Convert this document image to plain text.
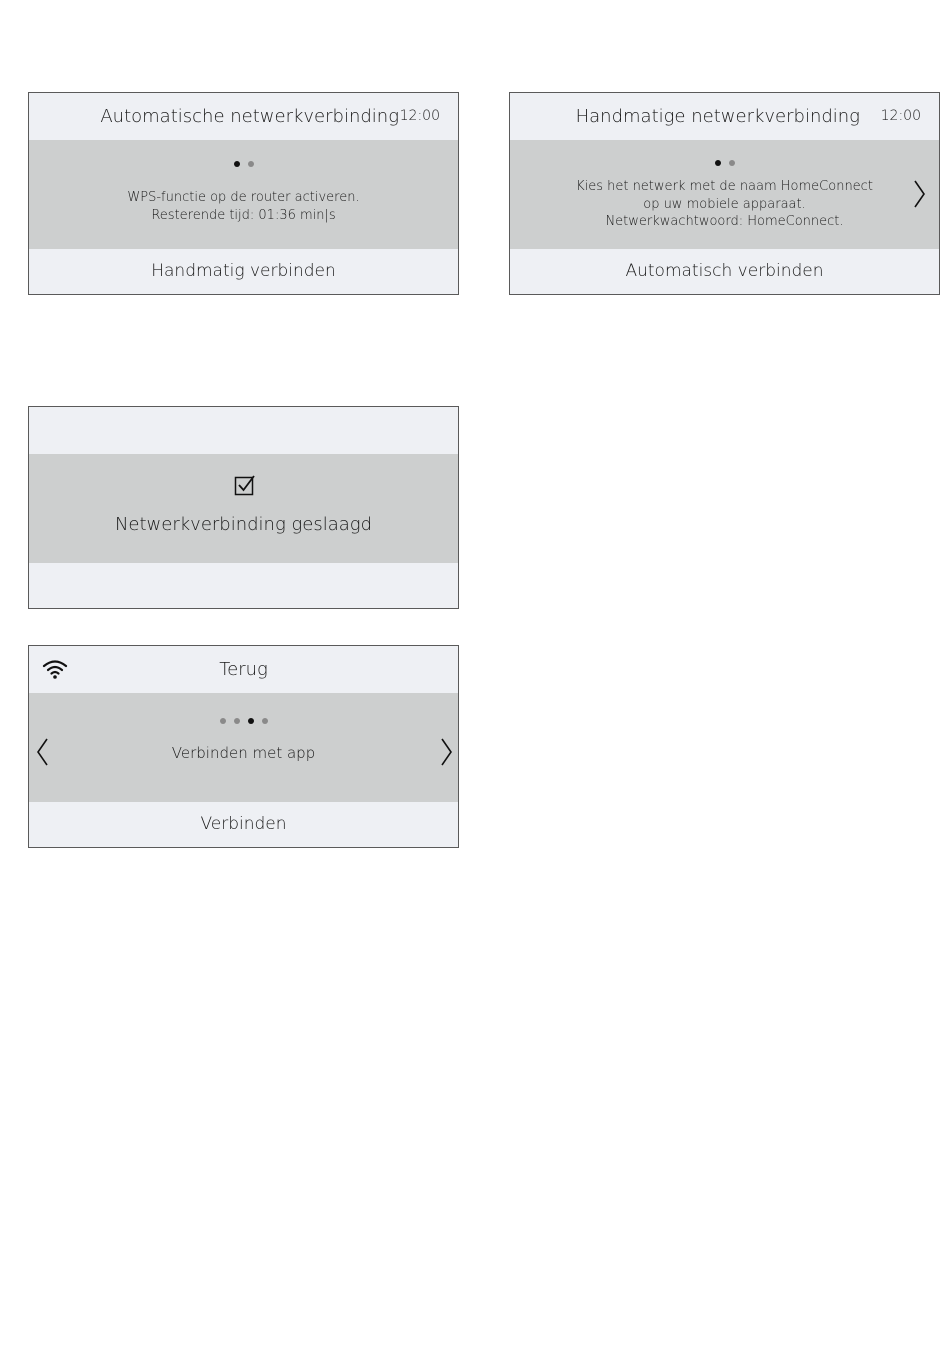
Automatische netwerkverbinding 12:00
WPS-functie op de router activeren.
Resterende tijd: 01:36 min|s
Handmatig verbinden
Handmatige netwerkverbinding 12:00
Kies het netwerk met de naam HomeConnect
op uw mobiele apparaat.
Netwerkwachtwoord: HomeConnect.
Automatisch verbinden
Netwerkverbinding geslaagd
Terug
Verbinden met app
Verbinden
